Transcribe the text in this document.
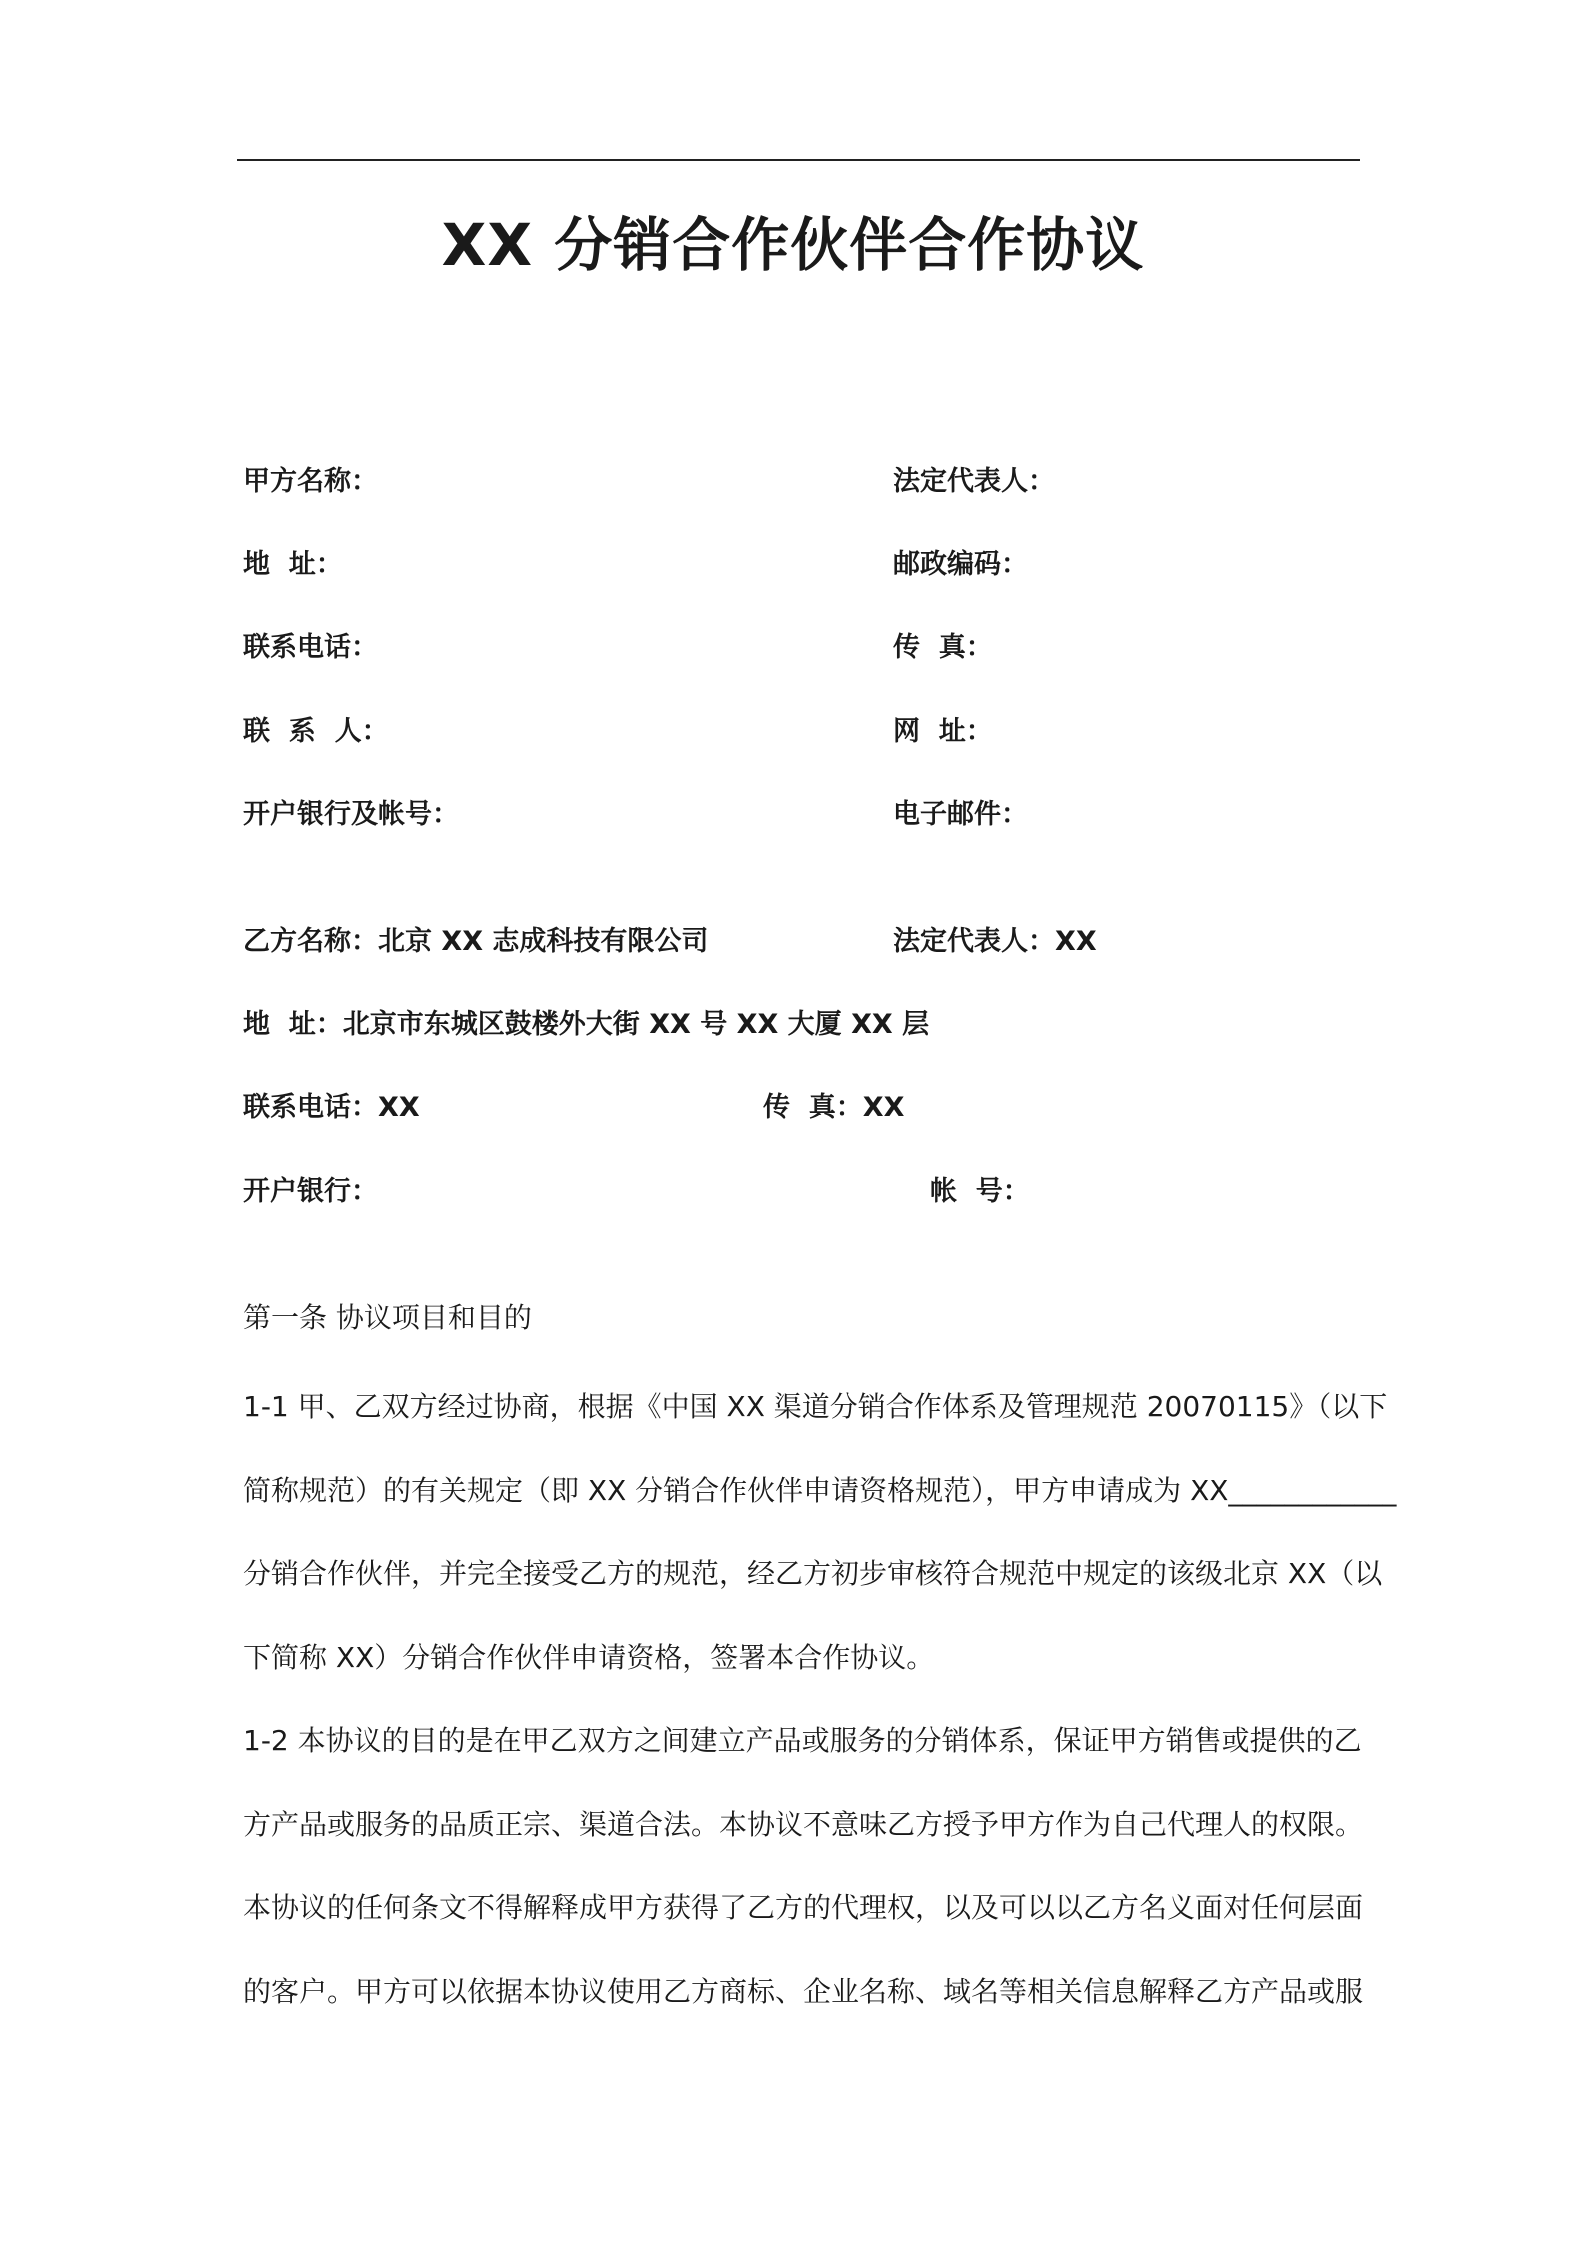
XX 分销合作伙伴合作协议
甲方名称：	法定代表人：
地  址：	邮政编码：
联系电话：	传  真：
联  系  人：	网  址：
开户银行及帐号：	电子邮件：
乙方名称：北京 XX 志成科技有限公司	法定代表人：XX
地  址：北京市东城区鼓楼外大街 XX 号 XX 大厦 XX 层
联系电话：XX	传  真：XX
开户银行：	帐  号：
第一条 协议项目和目的
1-1 甲、乙双方经过协商，根据《中国 XX 渠道分销合作体系及管理规范 20070115》（以下
简称规范）的有关规定（即 XX 分销合作伙伴申请资格规范），甲方申请成为 XX____________
分销合作伙伴，并完全接受乙方的规范，经乙方初步审核符合规范中规定的该级北京 XX（以
下简称 XX）分销合作伙伴申请资格，签署本合作协议。
1-2 本协议的目的是在甲乙双方之间建立产品或服务的分销体系，保证甲方销售或提供的乙
方产品或服务的品质正宗、渠道合法。本协议不意味乙方授予甲方作为自己代理人的权限。
本协议的任何条文不得解释成甲方获得了乙方的代理权，以及可以以乙方名义面对任何层面
的客户。甲方可以依据本协议使用乙方商标、企业名称、域名等相关信息解释乙方产品或服
